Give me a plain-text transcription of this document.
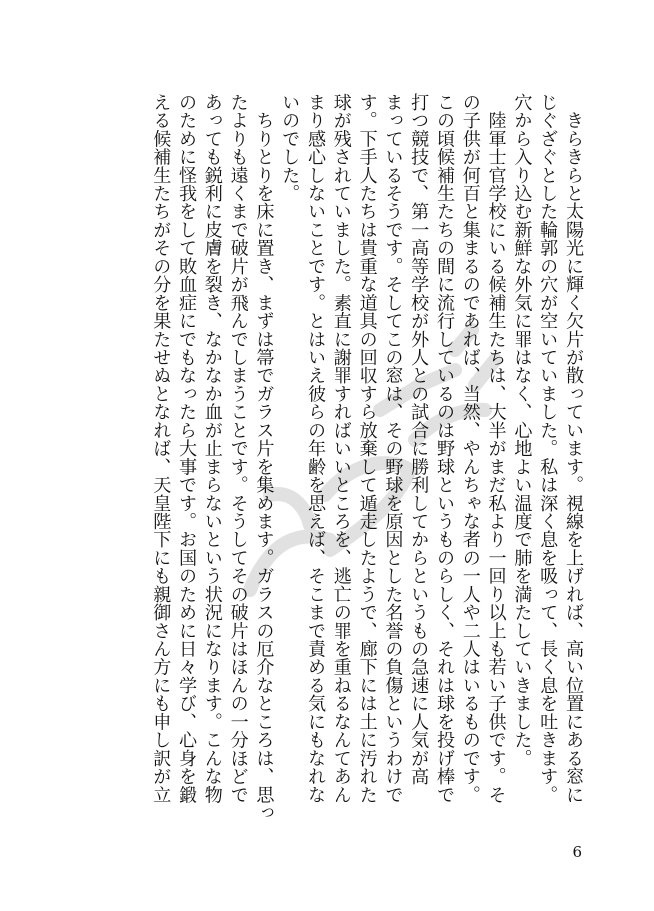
　きらきらと太陽光に輝く欠片が散っています。視線を上げれば、高い位置にある窓に
じぐざぐとした輪郭の穴が空いていました。私は深く息を吸って、長く息を吐きます。
穴から入り込む新鮮な外気に罪はなく、心地よい温度で肺を満たしていきました。
　陸軍士官学校にいる候補生たちは、大半がまだ私より一回り以上も若い子供です。そ
の子供が何百と集まるのであれば、当然、やんちゃな者の一人や二人はいるものです。
この頃候補生たちの間に流行しているのは野球というものらしく、それは球を投げ棒で
打つ競技で、第一高等学校が外人との試合に勝利してからというもの急速に人気が高
まっているそうです。そしてこの窓は、その野球を原因とした名誉の負傷というわけで
す。下手人たちは貴重な道具の回収すら放棄して遁走したようで、廊下には土に汚れた
球が残されていました。素直に謝罪すればいいところを、逃亡の罪を重ねるなんてあん
まり感心しないことです。とはいえ彼らの年齢を思えば、そこまで責める気にもなれな
いのでした。
　ちりとりを床に置き、まずは箒でガラス片を集めます。ガラスの厄介なところは、思っ
たよりも遠くまで破片が飛んでしまうことです。そうしてその破片はほんの一分ほどで
あっても鋭利に皮膚を裂き、なかなか血が止まらないという状況になります。こんな物
のために怪我をして敗血症にでもなったら大事です。お国のために日々学び、心身を鍛
える候補生たちがその分を果たせぬとなれば、天皇陛下にも親御さん方にも申し訳が立
6
